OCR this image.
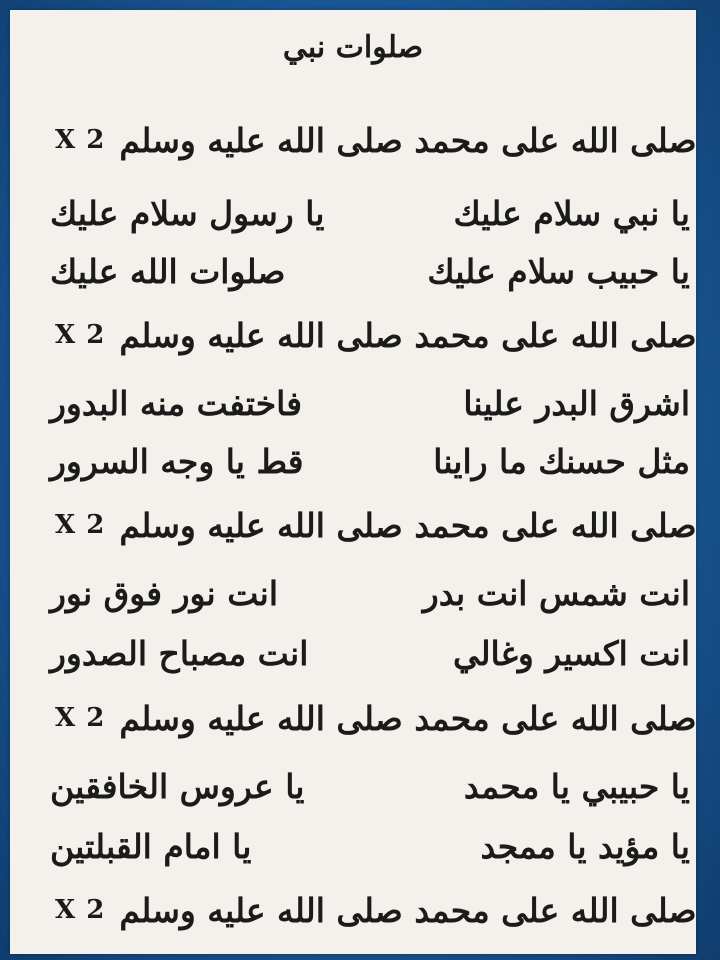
صلوات نبي
X 2 صلى الله على محمد صلى الله عليه وسلم
يا نبي سلام عليك
يا رسول سلام عليك
يا حبيب سلام عليك
صلوات الله عليك
X 2 صلى الله على محمد صلى الله عليه وسلم
اشرق البدر علينا
فاختفت منه البدور
مثل حسنك ما راينا
قط يا وجه السرور
X 2 صلى الله على محمد صلى الله عليه وسلم
انت شمس انت بدر
انت نور فوق نور
انت اكسير وغالي
انت مصباح الصدور
X 2 صلى الله على محمد صلى الله عليه وسلم
يا حبيبي يا محمد
يا عروس الخافقين
يا مؤيد يا ممجد
يا امام القبلتين
X 2 صلى الله على محمد صلى الله عليه وسلم
